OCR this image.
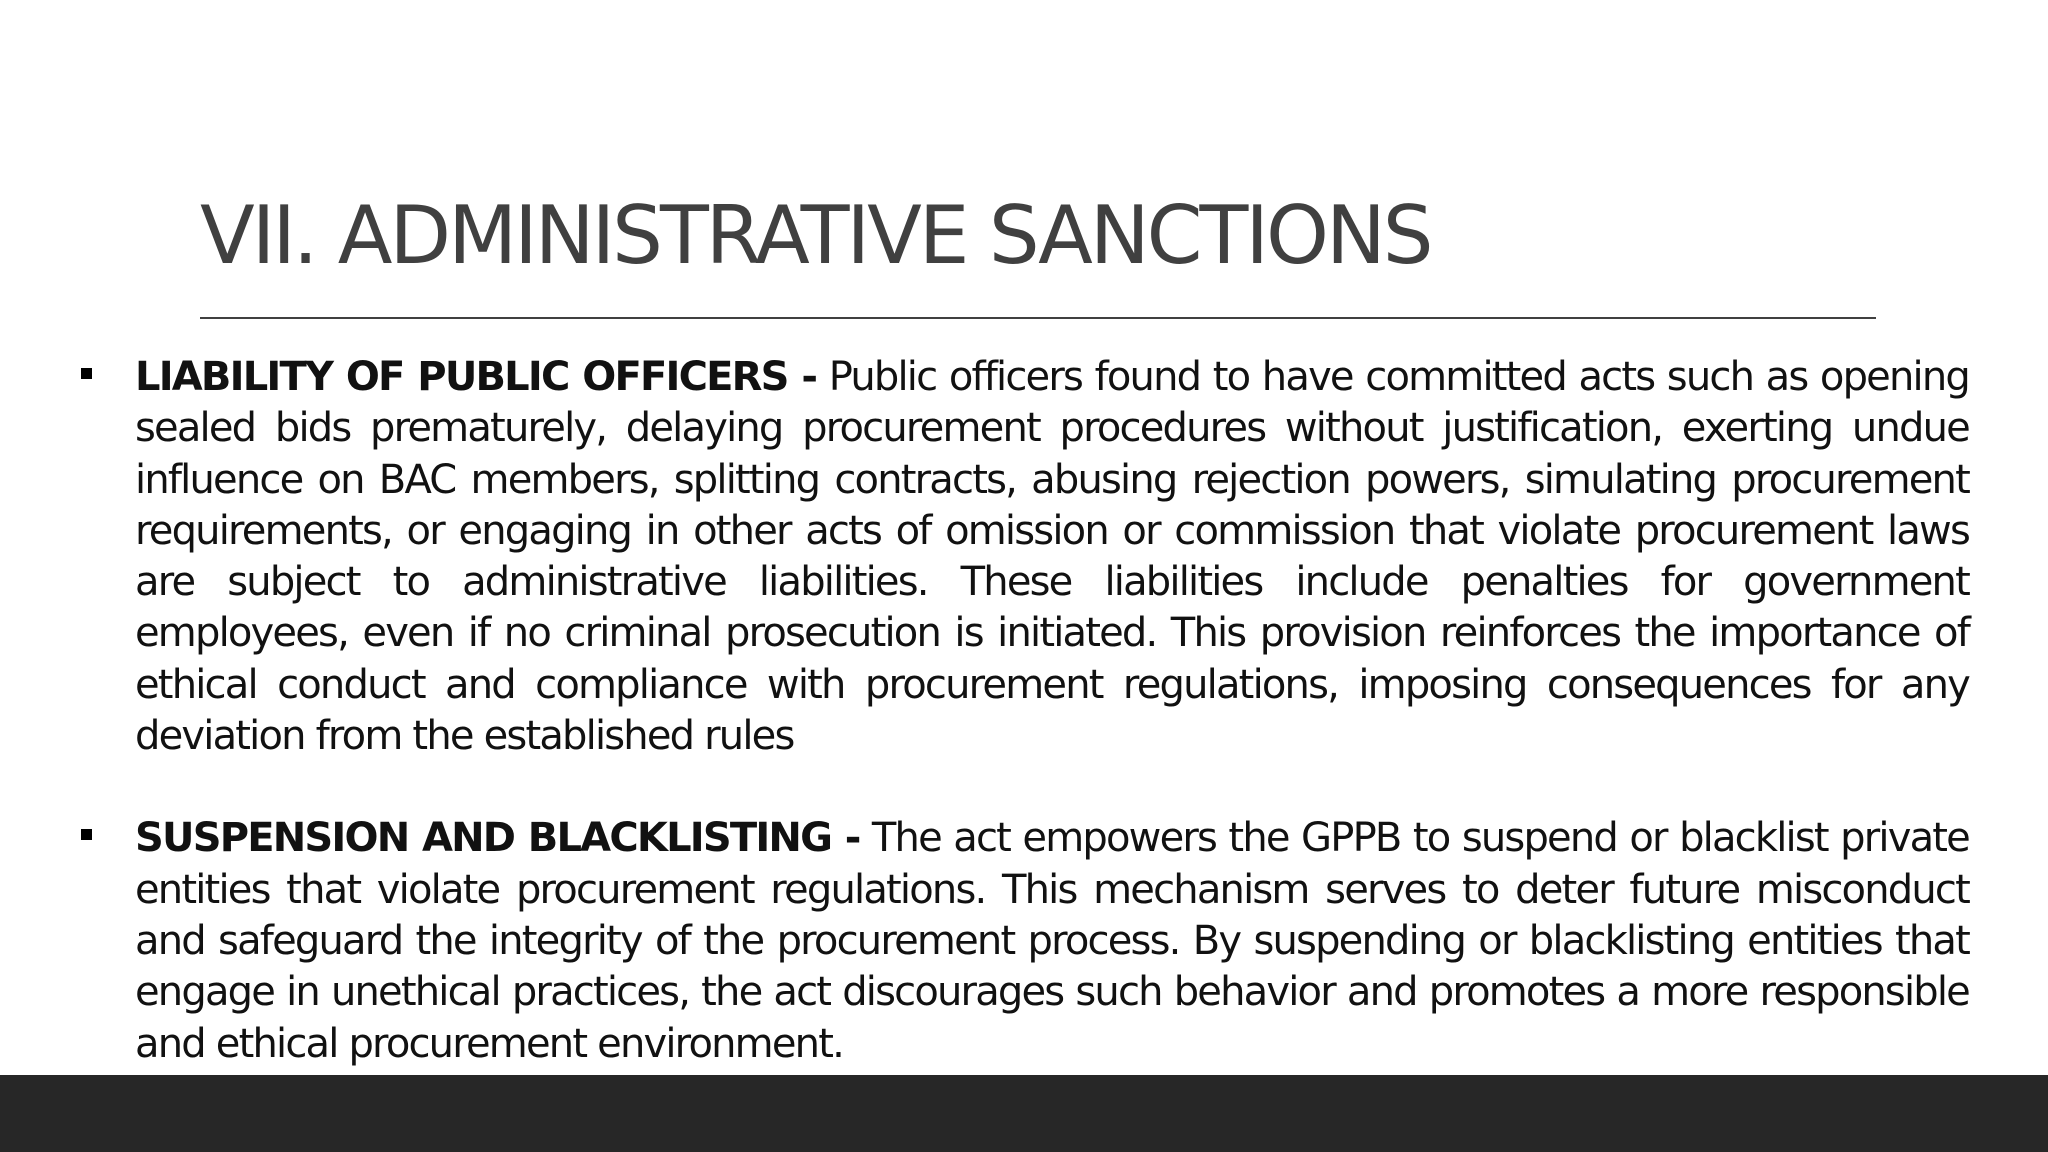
VII. ADMINISTRATIVE SANCTIONS

LIABILITY OF PUBLIC OFFICERS - Public officers found to have committed acts such as opening sealed bids prematurely, delaying procurement procedures without justification, exerting undue influence on BAC members, splitting contracts, abusing rejection powers, simulating procurement requirements, or engaging in other acts of omission or commission that violate procurement laws are subject to administrative liabilities. These liabilities include penalties for government employees, even if no criminal prosecution is initiated. This provision reinforces the importance of ethical conduct and compliance with procurement regulations, imposing consequences for any deviation from the established rules

SUSPENSION AND BLACKLISTING - The act empowers the GPPB to suspend or blacklist private entities that violate procurement regulations. This mechanism serves to deter future misconduct and safeguard the integrity of the procurement process. By suspending or blacklisting entities that engage in unethical practices, the act discourages such behavior and promotes a more responsible and ethical procurement environment.
